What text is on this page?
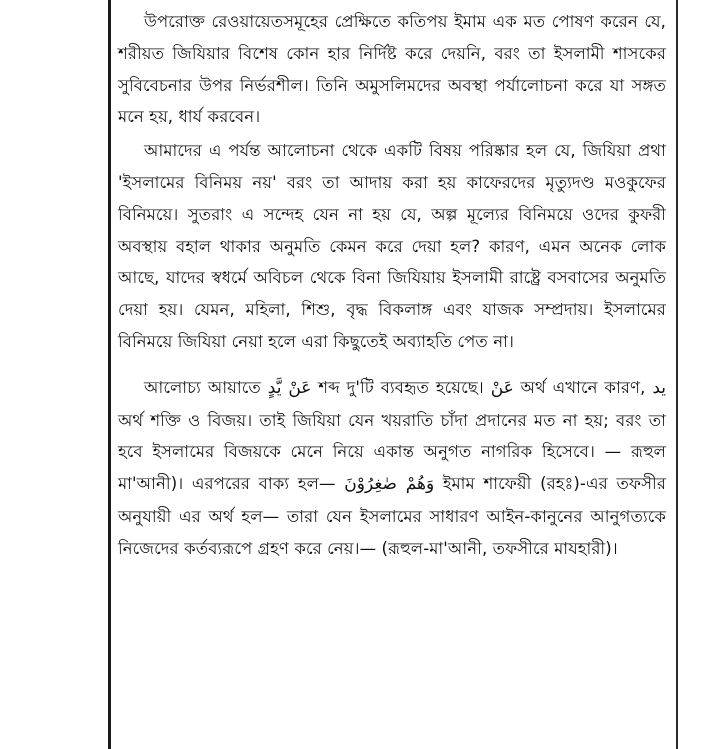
উপরোক্ত রেওয়ায়েতসমূহের প্রেক্ষিতে কতিপয় ইমাম এক মত পোষণ করেন যে, শরীয়ত জিযিয়ার বিশেষ কোন হার নির্দিষ্ট করে দেয়নি, বরং তা ইসলামী শাসকের সুবিবেচনার উপর নির্ভরশীল। তিনি অমুসলিমদের অবস্থা পর্যালোচনা করে যা সঙ্গত মনে হয়, ধার্য করবেন।

আমাদের এ পর্যন্ত আলোচনা থেকে একটি বিষয় পরিষ্কার হল যে, জিযিয়া প্রথা 'ইসলামের বিনিময় নয়' বরং তা আদায় করা হয় কাফেরদের মৃত্যুদণ্ড মওকুফের বিনিময়ে। সুতরাং এ সন্দেহ যেন না হয় যে, অল্প মূল্যের বিনিময়ে ওদের কুফরী অবস্থায় বহাল থাকার অনুমতি কেমন করে দেয়া হল? কারণ, এমন অনেক লোক আছে, যাদের স্বধর্মে অবিচল থেকে বিনা জিযিয়ায় ইসলামী রাষ্ট্রে বসবাসের অনুমতি দেয়া হয়। যেমন, মহিলা, শিশু, বৃদ্ধ বিকলাঙ্গ এবং যাজক সম্প্রদায়। ইসলামের বিনিময়ে জিযিয়া নেয়া হলে এরা কিছুতেই অব্যাহতি পেত না।

আলোচ্য আয়াতে عَنْ يَّدٍ শব্দ দু'টি ব্যবহৃত হয়েছে। عَنْ অর্থ এখানে কারণ, يد অর্থ শক্তি ও বিজয়। তাই জিযিয়া যেন খয়রাতি চাঁদা প্রদানের মত না হয়; বরং তা হবে ইসলামের বিজয়কে মেনে নিয়ে একান্ত অনুগত নাগরিক হিসেবে। — রূহুল মা'আনী)। এরপরের বাক্য হল— وَهُمْ صٰغِرُوْنَ ইমাম শাফেয়ী (রহঃ)-এর তফসীর অনুযায়ী এর অর্থ হল— তারা যেন ইসলামের সাধারণ আইন-কানুনের আনুগত্যকে নিজেদের কর্তব্যরূপে গ্রহণ করে নেয়।— (রূহুল-মা'আনী, তফসীরে মাযহারী)।
